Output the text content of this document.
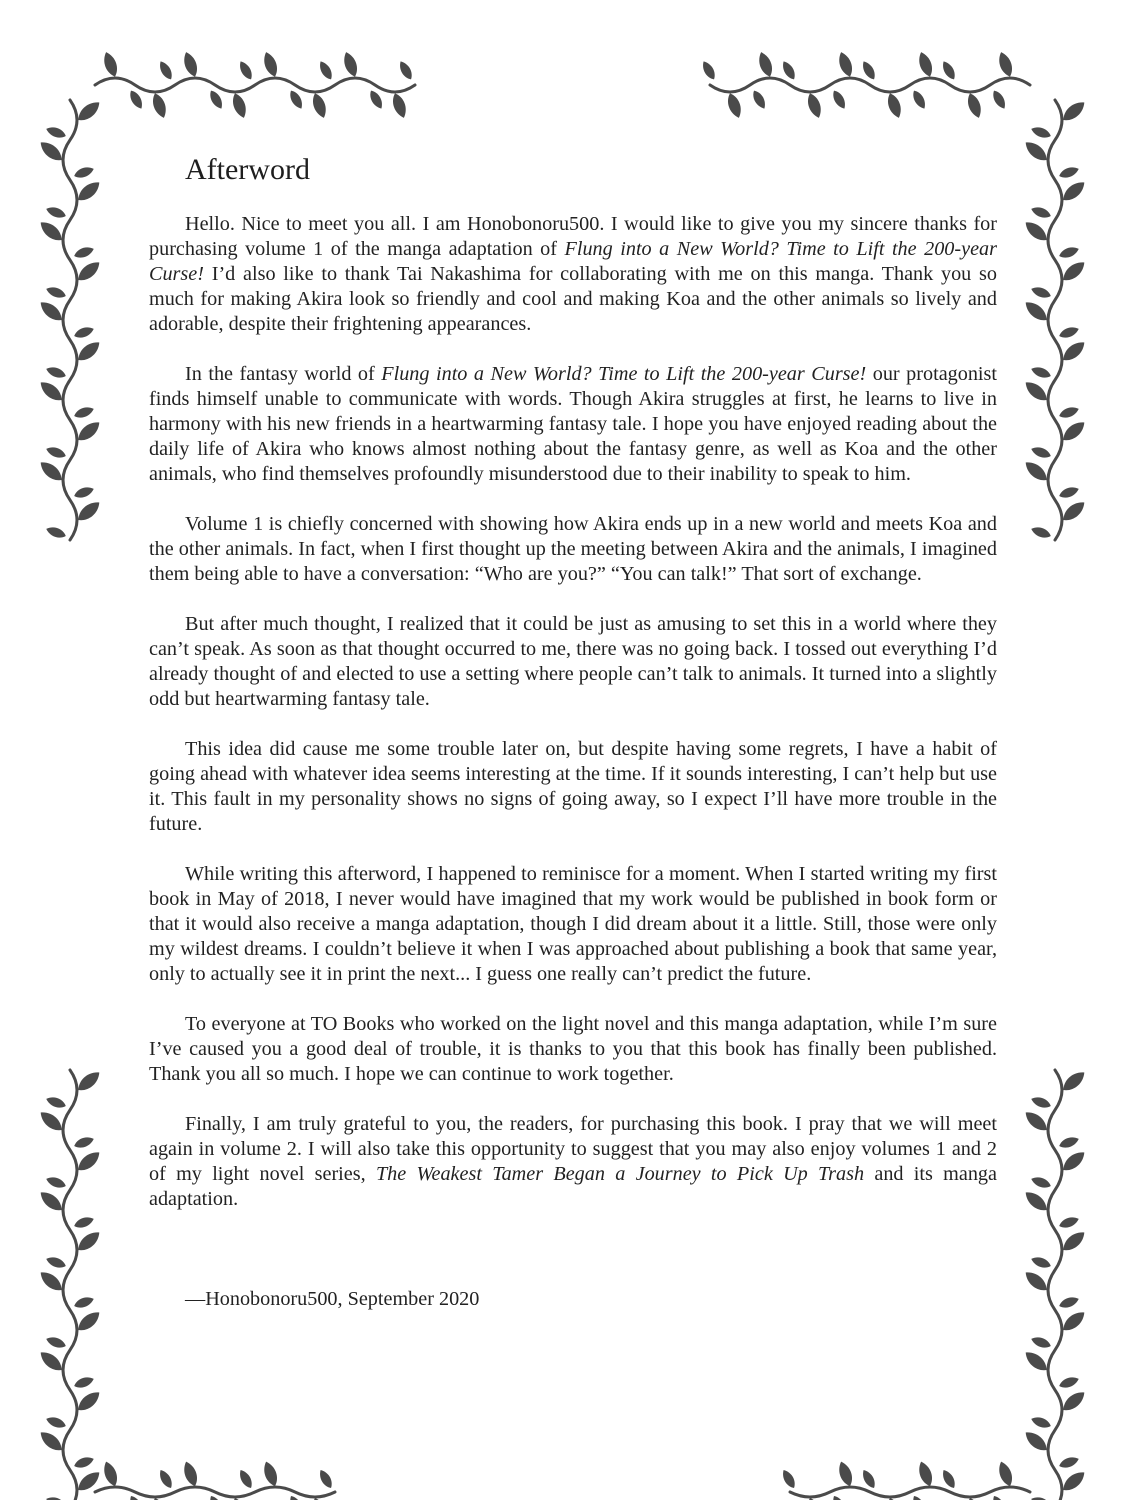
Afterword

Hello. Nice to meet you all. I am Honobonoru500. I would like to give you my sincere thanks for purchasing volume 1 of the manga adaptation of Flung into a New World? Time to Lift the 200-year Curse! I’d also like to thank Tai Nakashima for collaborating with me on this manga. Thank you so much for making Akira look so friendly and cool and making Koa and the other animals so lively and adorable, despite their frightening appearances.

In the fantasy world of Flung into a New World? Time to Lift the 200-year Curse! our protagonist finds himself unable to communicate with words. Though Akira struggles at first, he learns to live in harmony with his new friends in a heartwarming fantasy tale. I hope you have enjoyed reading about the daily life of Akira who knows almost nothing about the fantasy genre, as well as Koa and the other animals, who find themselves profoundly misunderstood due to their inability to speak to him.

Volume 1 is chiefly concerned with showing how Akira ends up in a new world and meets Koa and the other animals. In fact, when I first thought up the meeting between Akira and the animals, I imagined them being able to have a conversation: “Who are you?” “You can talk!” That sort of exchange.

But after much thought, I realized that it could be just as amusing to set this in a world where they can’t speak. As soon as that thought occurred to me, there was no going back. I tossed out everything I’d already thought of and elected to use a setting where people can’t talk to animals. It turned into a slightly odd but heartwarming fantasy tale.

This idea did cause me some trouble later on, but despite having some regrets, I have a habit of going ahead with whatever idea seems interesting at the time. If it sounds interesting, I can’t help but use it. This fault in my personality shows no signs of going away, so I expect I’ll have more trouble in the future.

While writing this afterword, I happened to reminisce for a moment. When I started writing my first book in May of 2018, I never would have imagined that my work would be published in book form or that it would also receive a manga adaptation, though I did dream about it a little. Still, those were only my wildest dreams. I couldn’t believe it when I was approached about publishing a book that same year, only to actually see it in print the next... I guess one really can’t predict the future.

To everyone at TO Books who worked on the light novel and this manga adaptation, while I’m sure I’ve caused you a good deal of trouble, it is thanks to you that this book has finally been published. Thank you all so much. I hope we can continue to work together.

Finally, I am truly grateful to you, the readers, for purchasing this book. I pray that we will meet again in volume 2. I will also take this opportunity to suggest that you may also enjoy volumes 1 and 2 of my light novel series, The Weakest Tamer Began a Journey to Pick Up Trash and its manga adaptation.

—Honobonoru500, September 2020
